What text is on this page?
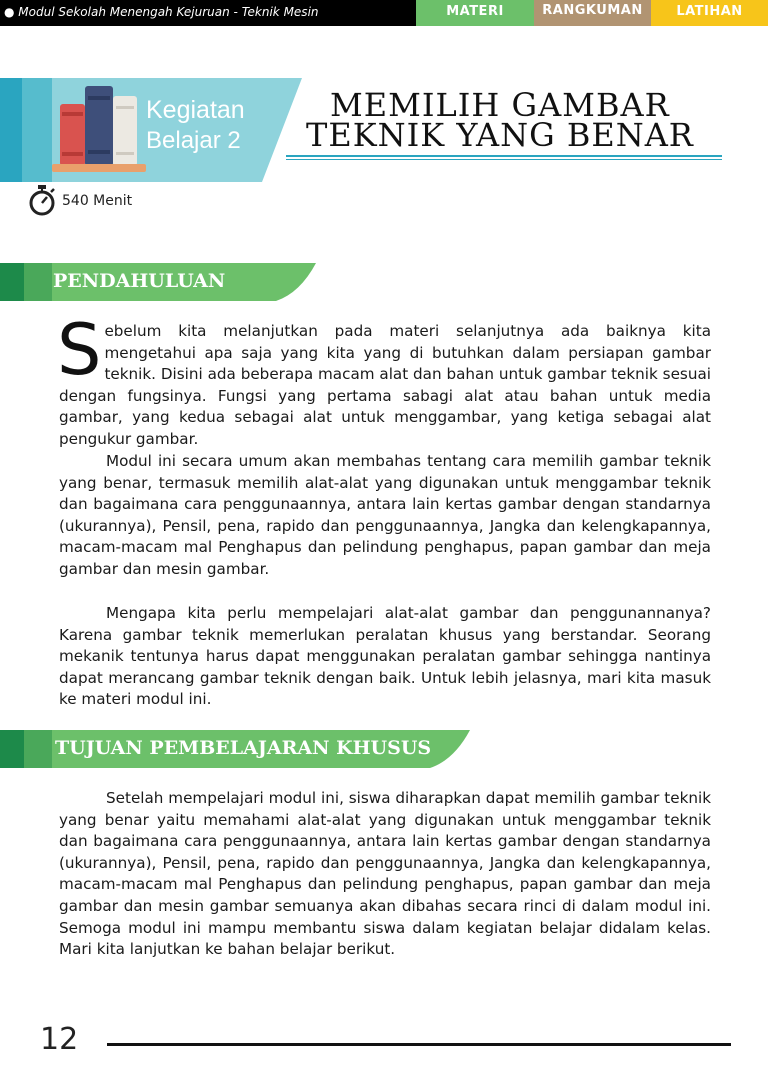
● Modul Sekolah Menengah Kejuruan - Teknik Mesin	MATERI	RANGKUMAN	LATIHAN
Kegiatan
Belajar 2
MEMILIH GAMBAR
TEKNIK YANG BENAR
540 Menit
PENDAHULUAN
Sebelum kita melanjutkan pada materi selanjutnya ada baiknya kita mengetahui apa saja yang kita yang di butuhkan dalam persiapan gambar teknik. Disini ada beberapa macam alat dan bahan untuk gambar teknik sesuai dengan fungsinya. Fungsi yang pertama sabagi alat atau bahan untuk media gambar, yang kedua sebagai alat untuk menggambar, yang ketiga sebagai alat pengukur gambar.
Modul ini secara umum akan membahas tentang cara memilih gambar teknik yang benar, termasuk memilih alat-alat yang digunakan untuk menggambar teknik dan bagaimana cara penggunaannya, antara lain kertas gambar dengan standarnya (ukurannya), Pensil, pena, rapido dan penggunaannya, Jangka dan kelengkapannya, macam-macam mal Penghapus dan pelindung penghapus, papan gambar dan meja gambar dan mesin gambar.
Mengapa kita perlu mempelajari alat-alat gambar dan penggunannanya? Karena gambar teknik memerlukan peralatan khusus yang berstandar. Seorang mekanik tentunya harus dapat menggunakan peralatan gambar sehingga nantinya dapat merancang gambar teknik dengan baik. Untuk lebih jelasnya, mari kita masuk ke materi modul ini.
TUJUAN PEMBELAJARAN KHUSUS
Setelah mempelajari modul ini, siswa diharapkan dapat memilih gambar teknik yang benar yaitu memahami alat-alat yang digunakan untuk menggambar teknik dan bagaimana cara penggunaannya, antara lain kertas gambar dengan standarnya (ukurannya), Pensil, pena, rapido dan penggunaannya, Jangka dan kelengkapannya, macam-macam mal Penghapus dan pelindung penghapus, papan gambar dan meja gambar dan mesin gambar semuanya akan dibahas secara rinci di dalam modul ini. Semoga modul ini mampu membantu siswa dalam kegiatan belajar didalam kelas. Mari kita lanjutkan ke bahan belajar berikut.
12
